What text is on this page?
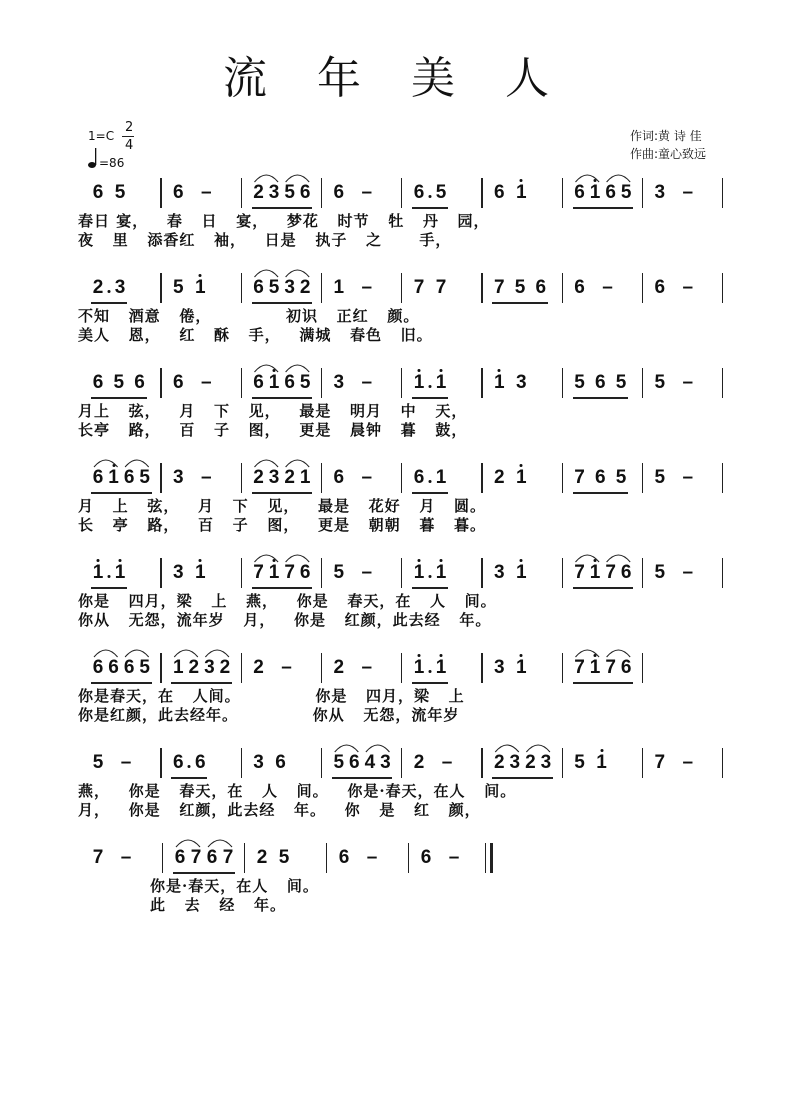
流 年 美 人
1=C
2
4
=86
作词:黄 诗 佳
作曲:童心致远
6 5	6 – 2 3 5 6 6 – 6 5	6 1	6 1 6 5 3 –
春日 宴，   春   日   宴，   梦花   时节   牡   丹   园，
夜   里   添香红   袖，   日是   执子   之      手，
2 3	5 1	6 5 3 2 1 – 7 7	7 5 6 6 – 6 –
不知   酒意   倦，            初识   正红   颜。
美人   恩，   红   酥   手，   满城   春色   旧。
6 5 6 6 – 6 1 6 5 3 – 1 1	1 3	5 6 5 5 –
月上   弦，   月   下   见，   最是   明月   中   天，
长亭   路，   百   子   图，   更是   晨钟   暮   鼓，
6 1 6 5 3 – 2 3 2 1 6 – 6 1	2 1	7 6 5 5 –
月   上   弦，   月   下   见，   最是   花好   月   圆。
长   亭   路，   百   子   图，   更是   朝朝   暮   暮。
1 1	3 1	7 1 7 6 5 – 1 1	3 1	7 1 7 6 5 –
你是   四月，梁   上   燕，   你是   春天，在   人   间。
你从   无怨，流年岁   月，   你是   红颜，此去经   年。
6 6 6 5 1 2 3 2 2 – 2 – 1 1	3 1	7 1 7 6
你是春天，在   人间。            你是   四月，梁   上
你是红颜，此去经年。            你从   无怨，流年岁
5 – 6 6	3 6	5 6 4 3 2 – 2 3 2 3 5 1	7 –
燕，   你是   春天，在   人   间。   你是·春天，在人   间。
月，   你是   红颜，此去经   年。   你   是   红   颜，
7 – 6 7 6 7 2 5	6 – 6 –
你是·春天，在人   间。
此   去   经   年。
